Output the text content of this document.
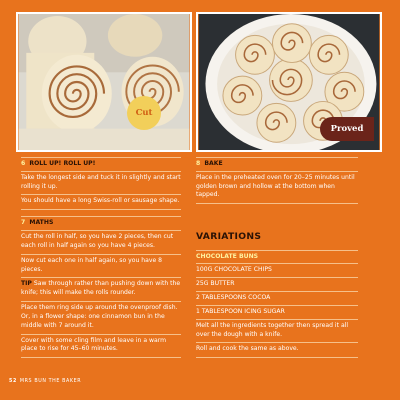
Cut
Proved

6 ROLL UP! ROLL UP!

Take the longest side and tuck it in slightly and start rolling it up.

You should have a long Swiss-roll or sausage shape.

7 MATHS

Cut the roll in half, so you have 2 pieces, then cut each roll in half again so you have 4 pieces.

Now cut each one in half again, so you have 8 pieces.

TIP Saw through rather than pushing down with the knife; this will make the rolls rounder.

Place them ring side up around the ovenproof dish. Or, in a flower shape: one cinnamon bun in the middle with 7 around it.

Cover with some cling film and leave in a warm place to rise for 45–60 minutes.

8 BAKE

Place in the preheated oven for 20–25 minutes until golden brown and hollow at the bottom when tapped.

VARIATIONS

CHOCOLATE BUNS

100G CHOCOLATE CHIPS

25G BUTTER

2 TABLESPOONS COCOA

1 TABLESPOON ICING SUGAR

Melt all the ingredients together then spread it all over the dough with a knife.

Roll and cook the same as above.

52 MRS BUN THE BAKER
